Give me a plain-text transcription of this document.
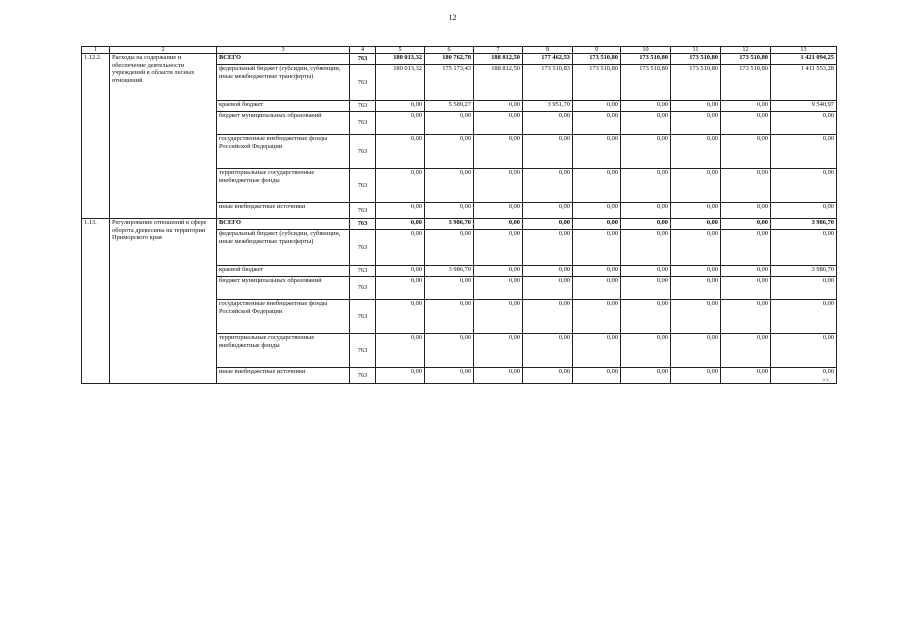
12
1	2	3	4	5	6	7	8	9	10	11	12	13
1.12.2.	Расходы на содержание и обеспечение деятельности учреждений в области лесных отношений	ВСЕГО	763	180 013,32	180 762,70	188 812,50	177 462,53	173 510,80	173 510,80	173 510,80	173 510,80	1 421 094,25
		федеральный бюджет (субсидии, субвенции, иные межбюджетные трансферты)	763	180 013,32	175 173,43	188 812,50	173 510,83	173 510,80	173 510,80	173 510,80	173 510,80	1 411 553,28
		краевой бюджет	763	0,00	5 589,27	0,00	3 951,70	0,00	0,00	0,00	0,00	9 540,97
		бюджет муниципальных образований	763	0,00	0,00	0,00	0,00	0,00	0,00	0,00	0,00	0,00
		государственные внебюджетные фонды Российской Федерации	763	0,00	0,00	0,00	0,00	0,00	0,00	0,00	0,00	0,00
		территориальные государственные внебюджетные фонды	763	0,00	0,00	0,00	0,00	0,00	0,00	0,00	0,00	0,00
		иные внебюджетные источники	763	0,00	0,00	0,00	0,00	0,00	0,00	0,00	0,00	0,00
1.13.	Регулирование отношений в сфере оборота древесины на территории Приморского края	ВСЕГО	763	0,00	3 986,70	0,00	0,00	0,00	0,00	0,00	0,00	3 986,70
		федеральный бюджет (субсидии, субвенции, иные межбюджетные трансферты)	763	0,00	0,00	0,00	0,00	0,00	0,00	0,00	0,00	0,00
		краевой бюджет	763	0,00	3 986,70	0,00	0,00	0,00	0,00	0,00	0,00	3 986,70
		бюджет муниципальных образований	763	0,00	0,00	0,00	0,00	0,00	0,00	0,00	0,00	0,00
		государственные внебюджетные фонды Российской Федерации	763	0,00	0,00	0,00	0,00	0,00	0,00	0,00	0,00	0,00
		территориальные государственные внебюджетные фонды	763	0,00	0,00	0,00	0,00	0,00	0,00	0,00	0,00	0,00
		иные внебюджетные источники	763	0,00	0,00	0,00	0,00	0,00	0,00	0,00	0,00	0,00
>>.
